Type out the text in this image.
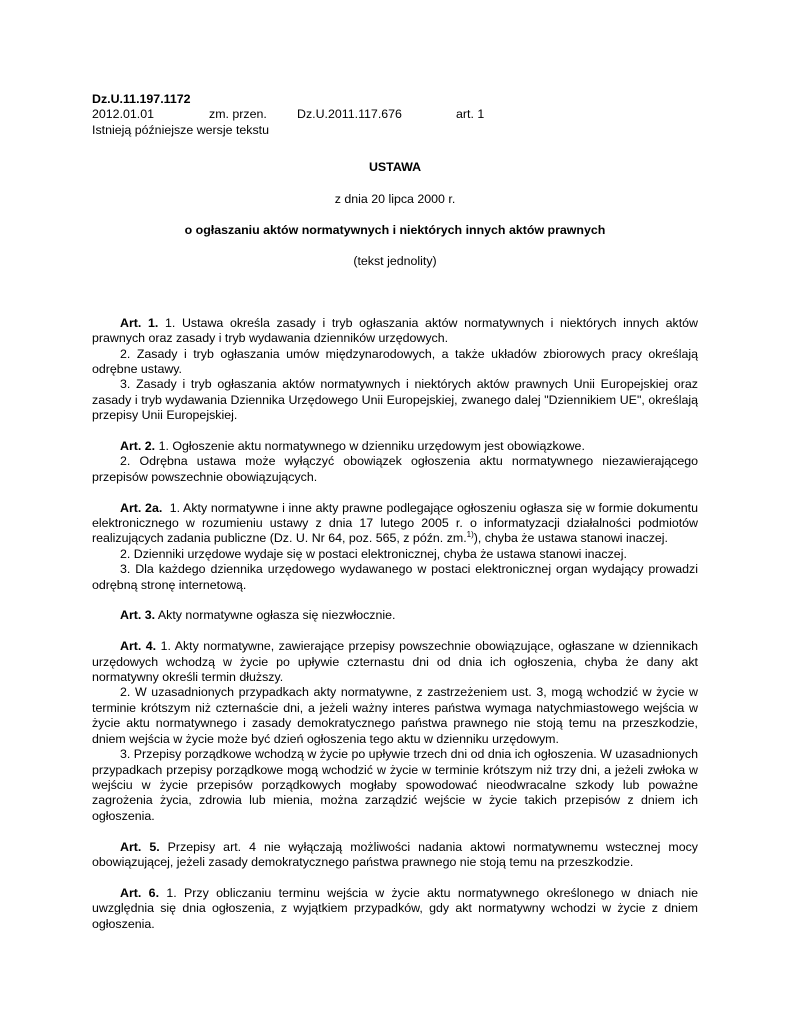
Dz.U.11.197.1172
2012.01.01	zm. przen. Dz.U.2011.117.676	art. 1
Istnieją późniejsze wersje tekstu
USTAWA
z dnia 20 lipca 2000 r.
o ogłaszaniu aktów normatywnych i niektórych innych aktów prawnych
(tekst jednolity)

Art. 1. 1. Ustawa określa zasady i tryb ogłaszania aktów normatywnych i niektórych innych aktów prawnych oraz zasady i tryb wydawania dzienników urzędowych.

2. Zasady i tryb ogłaszania umów międzynarodowych, a także układów zbiorowych pracy określają odrębne ustawy.

3. Zasady i tryb ogłaszania aktów normatywnych i niektórych aktów prawnych Unii Europejskiej oraz zasady i tryb wydawania Dziennika Urzędowego Unii Europejskiej, zwanego dalej "Dziennikiem UE", określają przepisy Unii Europejskiej.

Art. 2. 1. Ogłoszenie aktu normatywnego w dzienniku urzędowym jest obowiązkowe.

2. Odrębna ustawa może wyłączyć obowiązek ogłoszenia aktu normatywnego niezawierającego przepisów powszechnie obowiązujących.

Art. 2a. 1. Akty normatywne i inne akty prawne podlegające ogłoszeniu ogłasza się w formie dokumentu elektronicznego w rozumieniu ustawy z dnia 17 lutego 2005 r. o informatyzacji działalności podmiotów realizujących zadania publiczne (Dz. U. Nr 64, poz. 565, z późn. zm.$^{1)}$), chyba że ustawa stanowi inaczej.

2. Dzienniki urzędowe wydaje się w postaci elektronicznej, chyba że ustawa stanowi inaczej.

3. Dla każdego dziennika urzędowego wydawanego w postaci elektronicznej organ wydający prowadzi odrębną stronę internetową.

Art. 3. Akty normatywne ogłasza się niezwłocznie.

Art. 4. 1. Akty normatywne, zawierające przepisy powszechnie obowiązujące, ogłaszane w dziennikach urzędowych wchodzą w życie po upływie czternastu dni od dnia ich ogłoszenia, chyba że dany akt normatywny określi termin dłuższy.

2. W uzasadnionych przypadkach akty normatywne, z zastrzeżeniem ust. 3, mogą wchodzić w życie w terminie krótszym niż czternaście dni, a jeżeli ważny interes państwa wymaga natychmiastowego wejścia w życie aktu normatywnego i zasady demokratycznego państwa prawnego nie stoją temu na przeszkodzie, dniem wejścia w życie może być dzień ogłoszenia tego aktu w dzienniku urzędowym.

3. Przepisy porządkowe wchodzą w życie po upływie trzech dni od dnia ich ogłoszenia. W uzasadnionych przypadkach przepisy porządkowe mogą wchodzić w życie w terminie krótszym niż trzy dni, a jeżeli zwłoka w wejściu w życie przepisów porządkowych mogłaby spowodować nieodwracalne szkody lub poważne zagrożenia życia, zdrowia lub mienia, można zarządzić wejście w życie takich przepisów z dniem ich ogłoszenia.

Art. 5. Przepisy art. 4 nie wyłączają możliwości nadania aktowi normatywnemu wstecznej mocy obowiązującej, jeżeli zasady demokratycznego państwa prawnego nie stoją temu na przeszkodzie.

Art. 6. 1. Przy obliczaniu terminu wejścia w życie aktu normatywnego określonego w dniach nie uwzględnia się dnia ogłoszenia, z wyjątkiem przypadków, gdy akt normatywny wchodzi w życie z dniem ogłoszenia.
